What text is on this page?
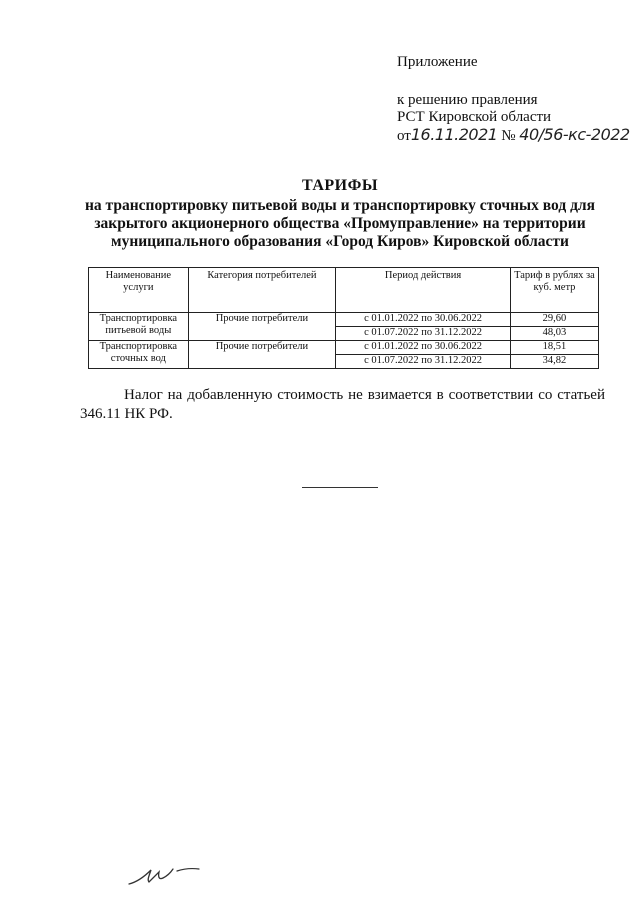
Приложение
к решению правления
РСТ Кировской области
от16.11.2021 № 40/56-кс-2022
ТАРИФЫ
на транспортировку питьевой воды и транспортировку сточных вод для
закрытого акционерного общества «Промуправление» на территории
муниципального образования «Город Киров» Кировской области
Наименование услуги	Категория потребителей	Период действия	Тариф в рублях за куб. метр
Транспортировка питьевой воды	Прочие потребители	с 01.01.2022 по 30.06.2022	29,60
		с 01.07.2022 по 31.12.2022	48,03
Транспортировка сточных вод	Прочие потребители	с 01.01.2022 по 30.06.2022	18,51
		с 01.07.2022 по 31.12.2022	34,82
Налог на добавленную стоимость не взимается в соответствии со статьей 346.11 НК РФ.
